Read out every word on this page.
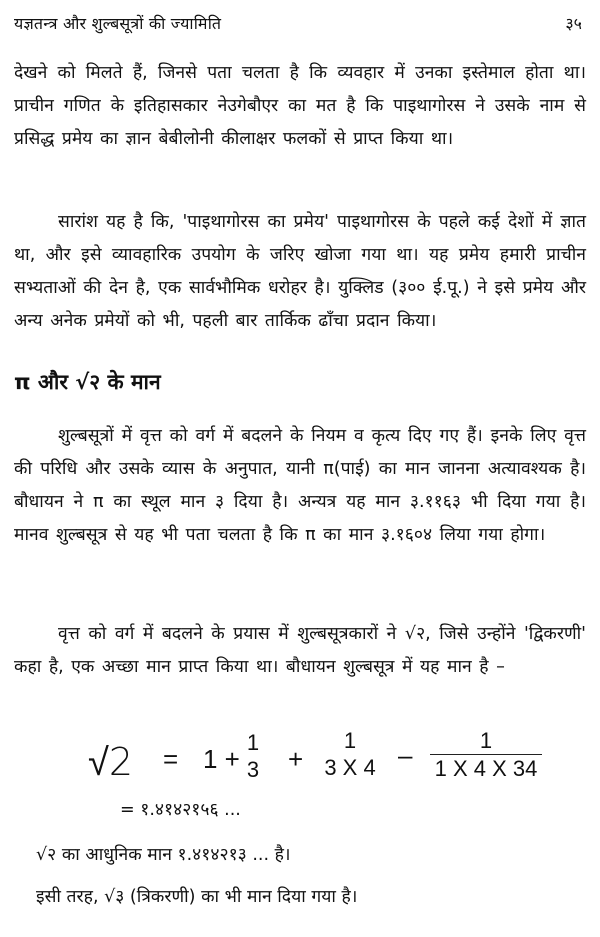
यज्ञतन्त्र और शुल्बसूत्रों की ज्यामिति	३५

देखने को मिलते हैं, जिनसे पता चलता है कि व्यवहार में उनका इस्तेमाल होता था। प्राचीन गणित के इतिहासकार नेउगेबौएर का मत है कि पाइथागोरस ने उसके नाम से प्रसिद्ध प्रमेय का ज्ञान बेबीलोनी कीलाक्षर फलकों से प्राप्त किया था।

सारांश यह है कि, 'पाइथागोरस का प्रमेय' पाइथागोरस के पहले कई देशों में ज्ञात था, और इसे व्यावहारिक उपयोग के जरिए खोजा गया था। यह प्रमेय हमारी प्राचीन सभ्यताओं की देन है, एक सार्वभौमिक धरोहर है। युक्लिड (३०० ई.पू.) ने इसे प्रमेय और अन्य अनेक प्रमेयों को भी, पहली बार तार्किक ढाँचा प्रदान किया।

π और √२ के मान

शुल्बसूत्रों में वृत्त को वर्ग में बदलने के नियम व कृत्य दिए गए हैं। इनके लिए वृत्त की परिधि और उसके व्यास के अनुपात, यानी π(पाई) का मान जानना अत्यावश्यक है। बौधायन ने π का स्थूल मान ३ दिया है। अन्यत्र यह मान ३.११६३ भी दिया गया है। मानव शुल्बसूत्र से यह भी पता चलता है कि π का मान ३.१६०४ लिया गया होगा।

वृत्त को वर्ग में बदलने के प्रयास में शुल्बसूत्रकारों ने √२, जिसे उन्होंने 'द्विकरणी' कहा है, एक अच्छा मान प्राप्त किया था। बौधायन शुल्बसूत्र में यह मान है –

√2 = 1 +
1
3 +
1
3 X 4 –	1
1 X 4 X 34
= १.४१४२१५६ ...
√२ का आधुनिक मान १.४१४२१३ ... है।
इसी तरह, √३ (त्रिकरणी) का भी मान दिया गया है।
